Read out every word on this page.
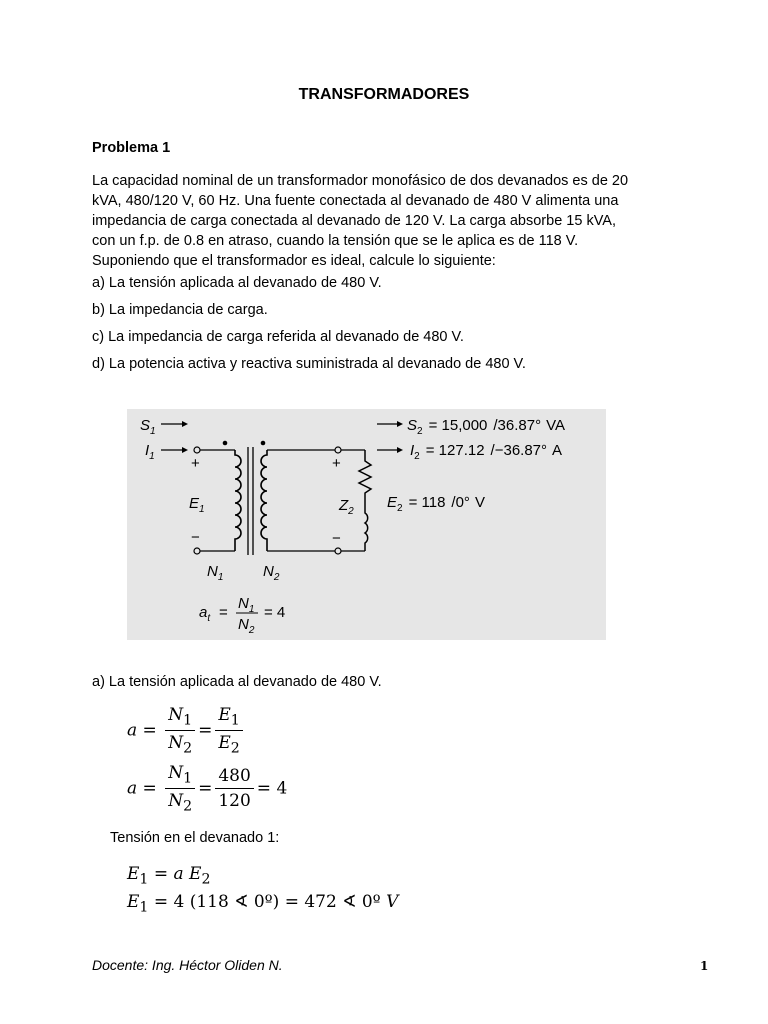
TRANSFORMADORES
Problema 1
La capacidad nominal de un transformador monofásico de dos devanados es de 20
kVA, 480/120 V, 60 Hz. Una fuente conectada al devanado de 480 V alimenta una
impedancia de carga conectada al devanado de 120 V. La carga absorbe 15 kVA,
con un f.p. de 0.8 en atraso, cuando la tensión que se le aplica es de 118 V.
Suponiendo que el transformador es ideal, calcule lo siguiente:
a) La tensión aplicada al devanado de 480 V.
b) La impedancia de carga.
c) La impedancia de carga referida al devanado de 480 V.
d) La potencia activa y reactiva suministrada al devanado de 480 V.
$S_1$
$I_1$ +
−
$E_1$
+
−
$Z_2$
$N_1$	$N_2$
$S_2 = 15,000$ /36.87° VA
$I_2 = 127.12$ /−36.87° A
$E_2 = 118$ /0° V
$a_t$ =
$N_1$
$N_2$
= 4
a) La tensión aplicada al devanado de 480 V.
$a = \frac{N_1}{N_2} = \frac{E_1}{E_2}$
$a = \frac{N_1}{N_2} = \frac{480}{120} = 4$
Tensión en el devanado 1:
$E_1 = a$ $E_2$
$E_1 = 4$ (118 ∢ 0º) = 472 ∢ 0º V
Docente: Ing. Héctor Oliden N.	1
